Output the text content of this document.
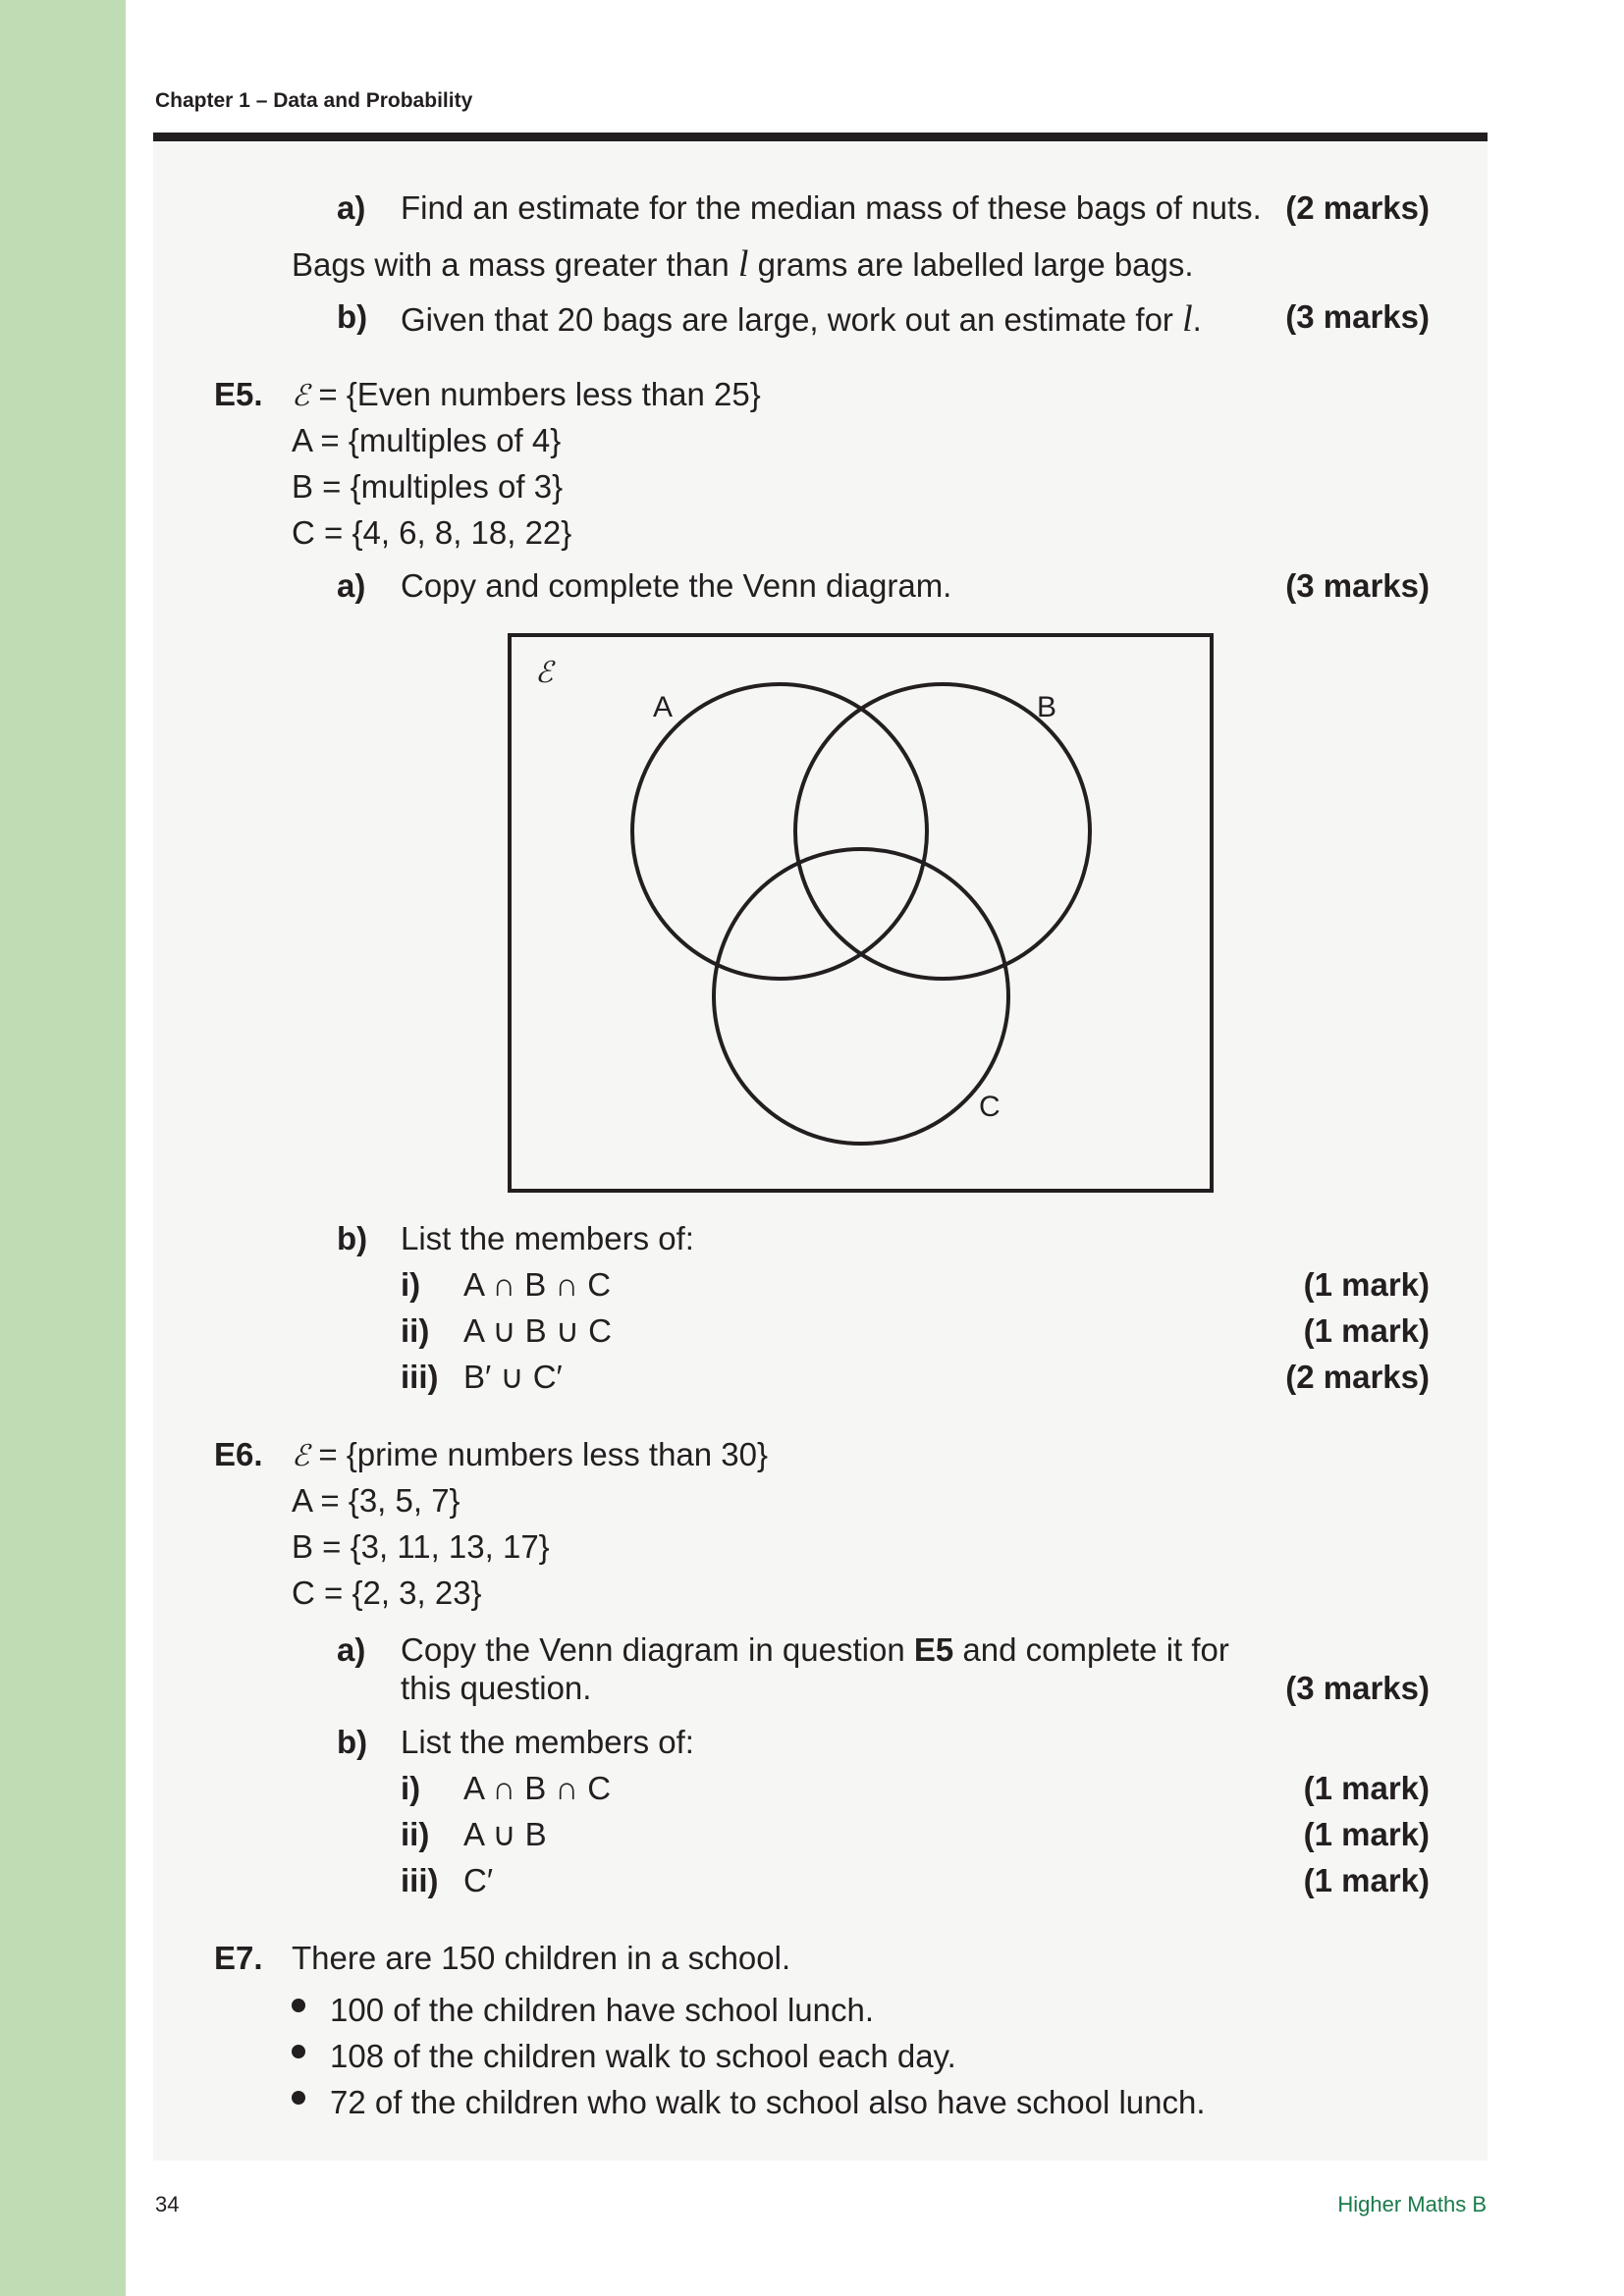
Chapter 1 – Data and Probability
a) Find an estimate for the median mass of these bags of nuts. (2 marks)
Bags with a mass greater than l grams are labelled large bags.
b) Given that 20 bags are large, work out an estimate for l.	(3 marks)
E5. ℰ = {Even numbers less than 25}
A = {multiples of 4}
B = {multiples of 3}
C = {4, 6, 8, 18, 22}
a) Copy and complete the Venn diagram.	(3 marks)
ℰ
A	B
C
b) List the members of:
i) A ∩ B ∩ C	(1 mark)
ii) A ∪ B ∪ C	(1 mark)
iii) B′ ∪ C′	(2 marks)
E6. ℰ = {prime numbers less than 30}
A = {3, 5, 7}
B = {3, 11, 13, 17}
C = {2, 3, 23}
a) Copy the Venn diagram in question E5 and complete it for
this question.	(3 marks)
b) List the members of:
i) A ∩ B ∩ C	(1 mark)
ii) A ∪ B	(1 mark)
iii) C′	(1 mark)
E7. There are 150 children in a school.
100 of the children have school lunch.
108 of the children walk to school each day.
72 of the children who walk to school also have school lunch.
34	Higher Maths B
